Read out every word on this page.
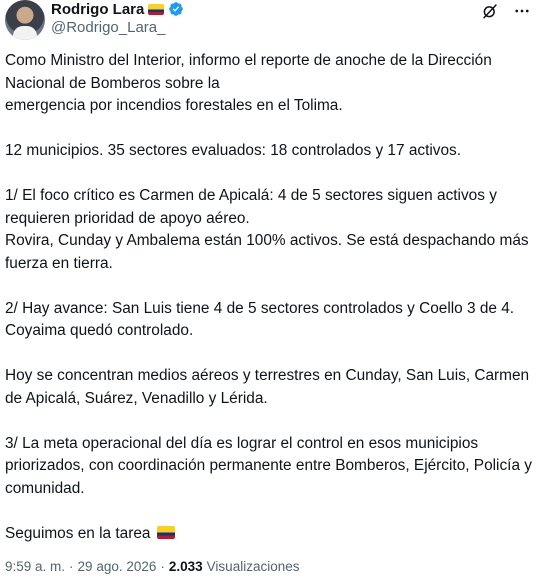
Rodrigo Lara
@Rodrigo_Lara_

Como Ministro del Interior, informo el reporte de anoche de la Dirección Nacional de Bomberos sobre la
emergencia por incendios forestales en el Tolima.

12 municipios. 35 sectores evaluados: 18 controlados y 17 activos.

1/ El foco crítico es Carmen de Apicalá: 4 de 5 sectores siguen activos y requieren prioridad de apoyo aéreo.
Rovira, Cunday y Ambalema están 100% activos. Se está despachando más fuerza en tierra.

2/ Hay avance: San Luis tiene 4 de 5 sectores controlados y Coello 3 de 4. Coyaima quedó controlado.

Hoy se concentran medios aéreos y terrestres en Cunday, San Luis, Carmen de Apicalá, Suárez, Venadillo y Lérida.

3/ La meta operacional del día es lograr el control en esos municipios priorizados, con coordinación permanente entre Bomberos, Ejército, Policía y comunidad.

Seguimos en la tarea

9:59 a. m. · 29 ago. 2026 · 2.033 Visualizaciones
